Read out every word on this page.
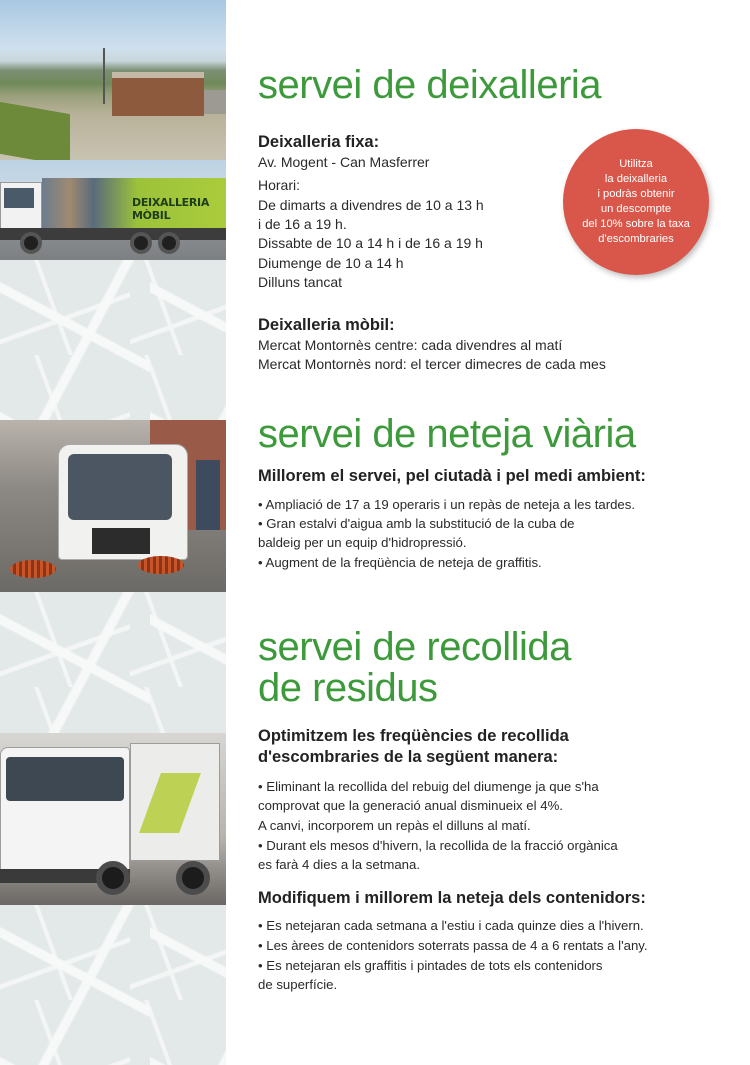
DEIXALLERIA MÒBIL
servei de deixalleria
Deixalleria fixa:
Av. Mogent - Can Masferrer
Horari:
De dimarts a divendres de 10 a 13 h
i de 16 a 19 h.
Dissabte de 10 a 14 h i de 16 a 19 h
Diumenge de 10 a 14 h
Dilluns tancat
Deixalleria mòbil:
Mercat Montornès centre: cada divendres al matí
Mercat Montornès nord: el tercer dimecres de cada mes
servei de neteja viària
Millorem el servei, pel ciutadà i pel medi ambient:
• Ampliació de 17 a 19 operaris i un repàs de neteja a les tardes.
• Gran estalvi d'aigua amb la substitució de la cuba de
baldeig per un equip d'hidropressió.
• Augment de la freqüència de neteja de graffitis.
servei de recollida
de residus
Optimitzem les freqüències de recollida
d'escombraries de la següent manera:
• Eliminant la recollida del rebuig del diumenge ja que s'ha
comprovat que la generació anual disminueix el 4%.
A canvi, incorporem un repàs el dilluns al matí.
• Durant els mesos d'hivern, la recollida de la fracció orgànica
es farà 4 dies a la setmana.
Modifiquem i millorem la neteja dels contenidors:
• Es netejaran cada setmana a l'estiu i cada quinze dies a l'hivern.
• Les àrees de contenidors soterrats passa de 4 a 6 rentats a l'any.
• Es netejaran els graffitis i pintades de tots els contenidors
de superfície.
Utilitza
la deixalleria
i podràs obtenir
un descompte
del 10% sobre la taxa
d'escombraries
